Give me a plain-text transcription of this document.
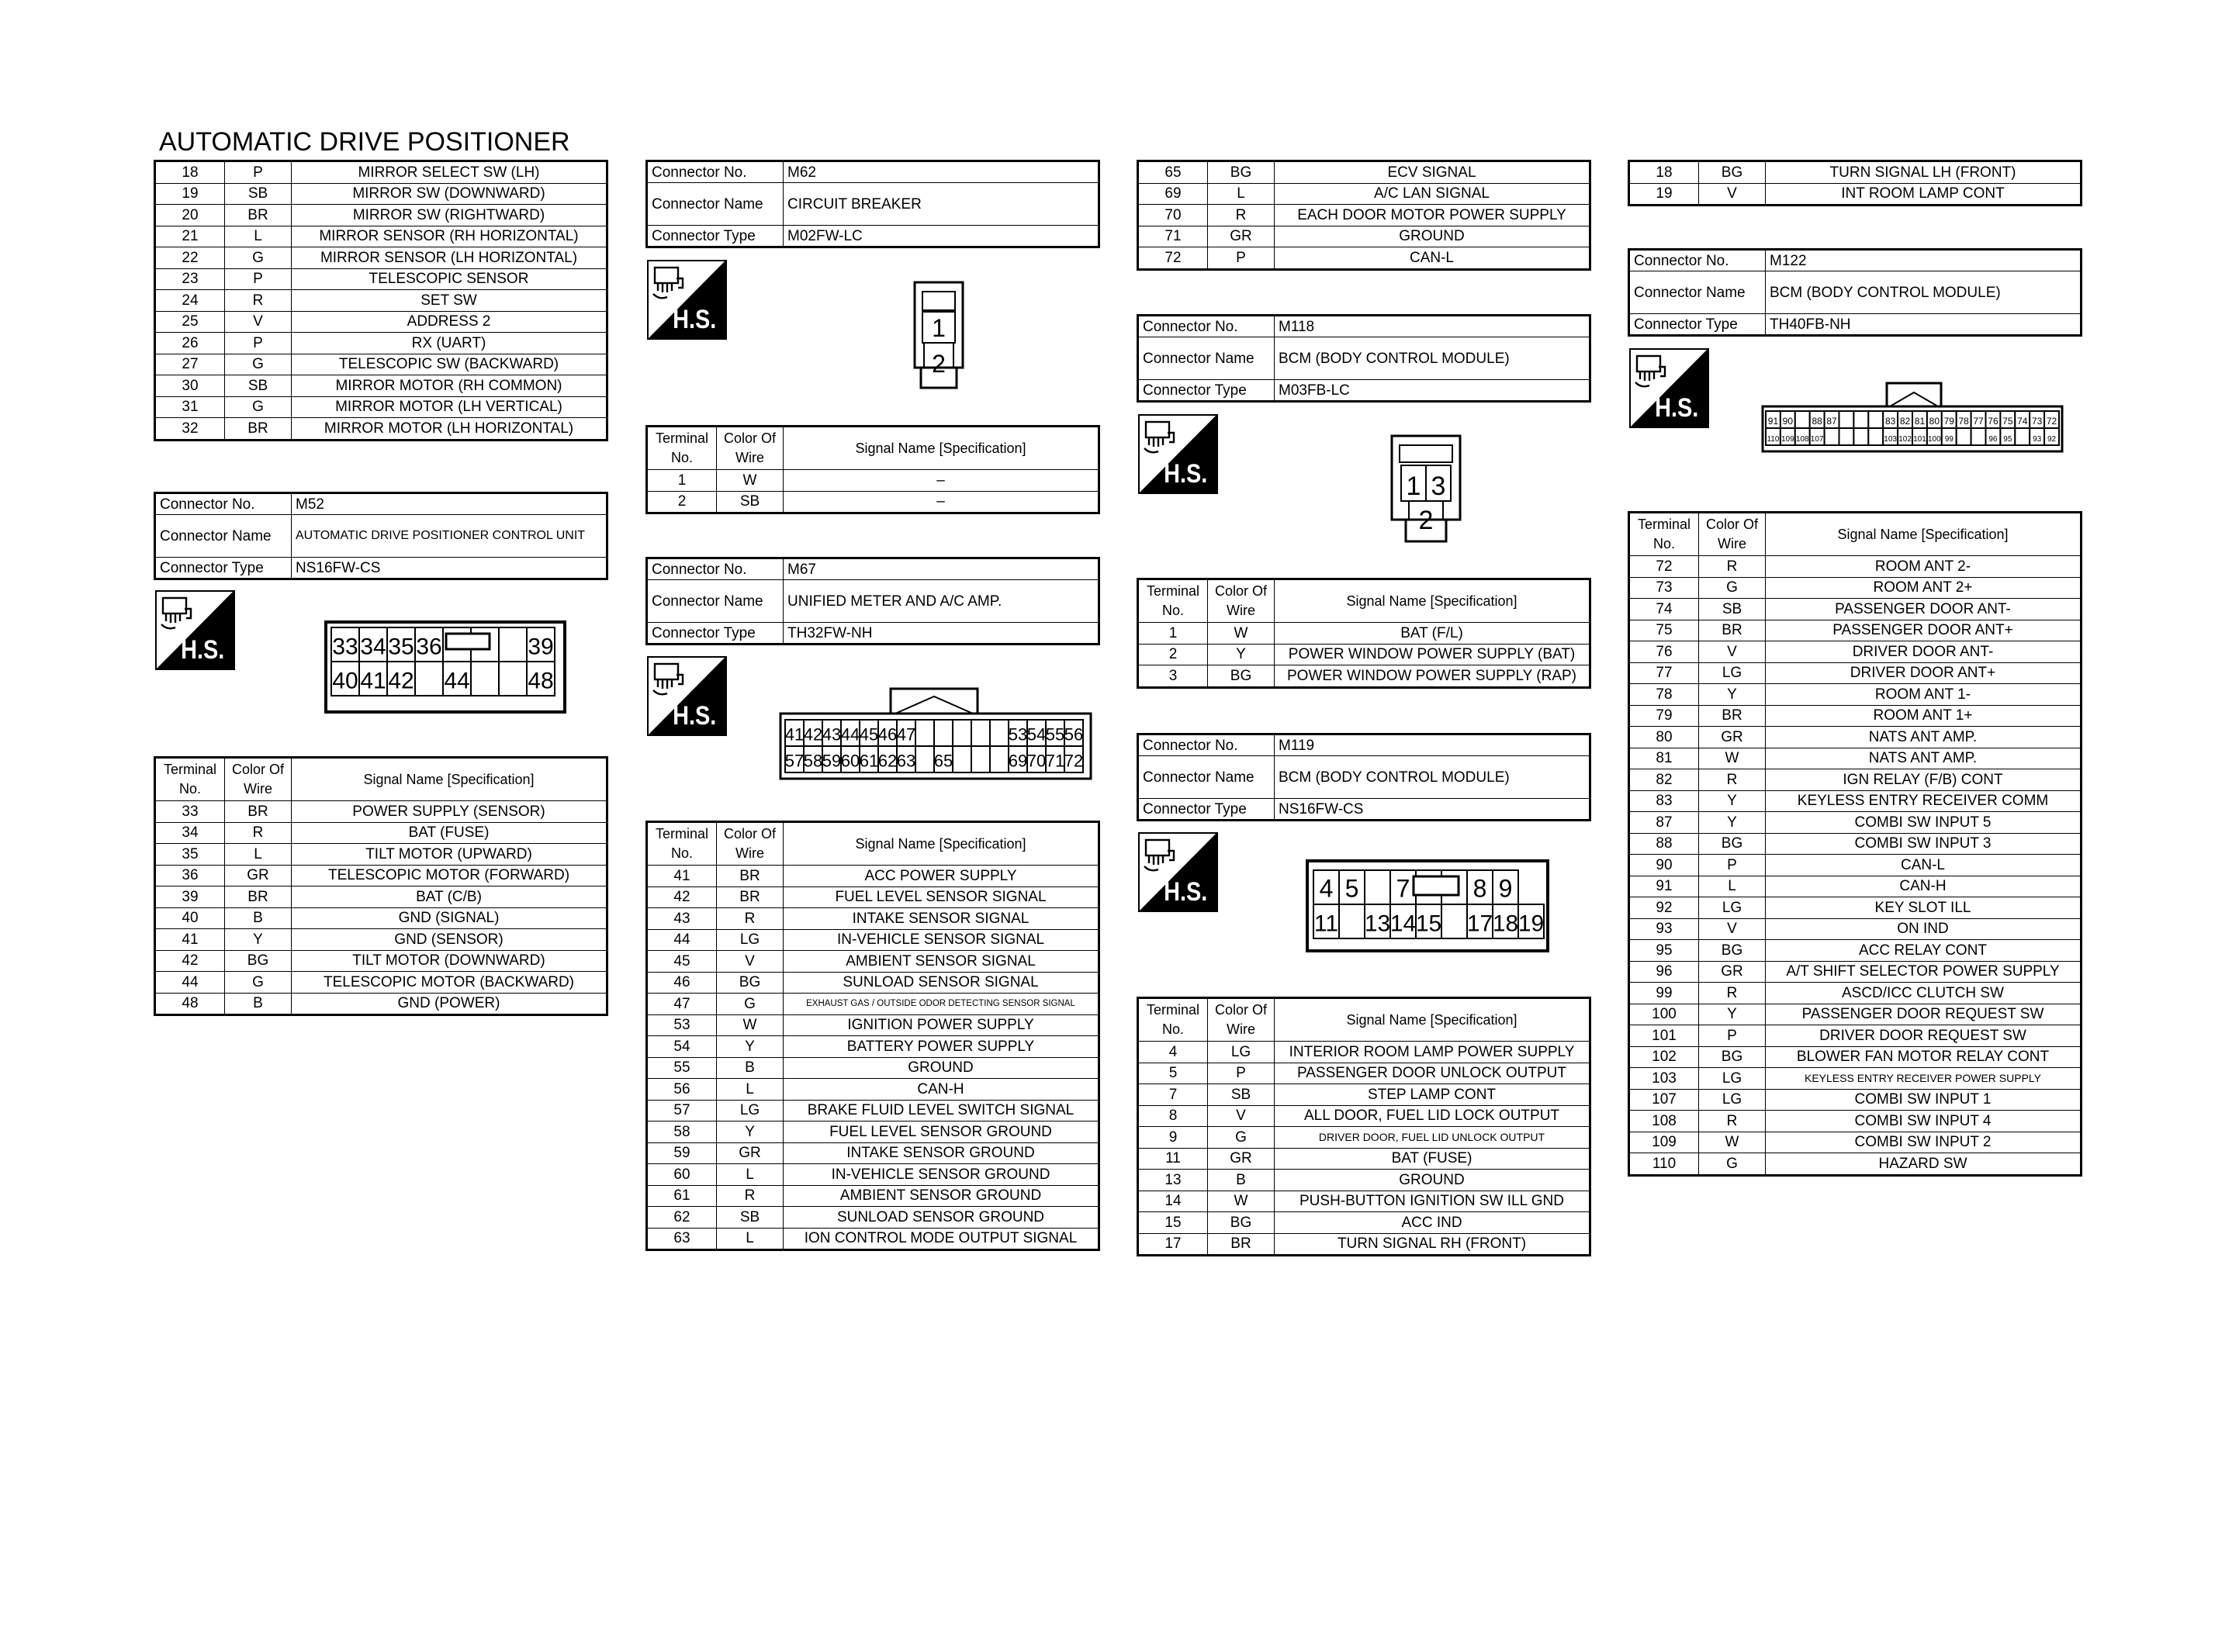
AUTOMATIC DRIVE POSITIONER
18	P	MIRROR SELECT SW (LH)
19	SB	MIRROR SW (DOWNWARD)
20	BR	MIRROR SW (RIGHTWARD)
21	L	MIRROR SENSOR (RH HORIZONTAL)
22	G	MIRROR SENSOR (LH HORIZONTAL)
23	P	TELESCOPIC SENSOR
24	R	SET SW
25	V	ADDRESS 2
26	P	RX (UART)
27	G	TELESCOPIC SW (BACKWARD)
30	SB	MIRROR MOTOR (RH COMMON)
31	G	MIRROR MOTOR (LH VERTICAL)
32	BR	MIRROR MOTOR (LH HORIZONTAL)
Connector No.	M52
Connector Name	AUTOMATIC DRIVE POSITIONER CONTROL UNIT
Connector Type	NS16FW-CS
H.S.	33 34 35 36	39
40 41 42 44 48
Terminal No.	Color Of Wire	Signal Name [Specification]
33	BR	POWER SUPPLY (SENSOR)
34	R	BAT (FUSE)
35	L	TILT MOTOR (UPWARD)
36	GR	TELESCOPIC MOTOR (FORWARD)
39	BR	BAT (C/B)
40	B	GND (SIGNAL)
41	Y	GND (SENSOR)
42	BG	TILT MOTOR (DOWNWARD)
44	G	TELESCOPIC MOTOR (BACKWARD)
48	B	GND (POWER)
Connector No.	M62
Connector Name	CIRCUIT BREAKER
Connector Type	M02FW-LC
H.S.	1
2
Terminal No.	Color Of Wire	Signal Name [Specification]
1	W	–
2	SB	–
Connector No.	M67
Connector Name	UNIFIED METER AND A/C AMP.
Connector Type	TH32FW-NH
H.S.
41 42 43 44 45 46 47	53 54 55 56
57 58 59 60 61 62 63 65	69 70 71 72
Terminal No.	Color Of Wire	Signal Name [Specification]
41	BR	ACC POWER SUPPLY
42	BR	FUEL LEVEL SENSOR SIGNAL
43	R	INTAKE SENSOR SIGNAL
44	LG	IN-VEHICLE SENSOR SIGNAL
45	V	AMBIENT SENSOR SIGNAL
46	BG	SUNLOAD SENSOR SIGNAL
47	G	EXHAUST GAS / OUTSIDE ODOR DETECTING SENSOR SIGNAL
53	W	IGNITION POWER SUPPLY
54	Y	BATTERY POWER SUPPLY
55	B	GROUND
56	L	CAN-H
57	LG	BRAKE FLUID LEVEL SWITCH SIGNAL
58	Y	FUEL LEVEL SENSOR GROUND
59	GR	INTAKE SENSOR GROUND
60	L	IN-VEHICLE SENSOR GROUND
61	R	AMBIENT SENSOR GROUND
62	SB	SUNLOAD SENSOR GROUND
63	L	ION CONTROL MODE OUTPUT SIGNAL
65	BG	ECV SIGNAL
69	L	A/C LAN SIGNAL
70	R	EACH DOOR MOTOR POWER SUPPLY
71	GR	GROUND
72	P	CAN-L
Connector No.	M118
Connector Name	BCM (BODY CONTROL MODULE)
Connector Type	M03FB-LC
H.S.	1 3
2
Terminal No.	Color Of Wire	Signal Name [Specification]
1	W	BAT (F/L)
2	Y	POWER WINDOW POWER SUPPLY (BAT)
3	BG	POWER WINDOW POWER SUPPLY (RAP)
Connector No.	M119
Connector Name	BCM (BODY CONTROL MODULE)
Connector Type	NS16FW-CS
H.S.	4 5 7	8 9
11 13 14 15 17 18 19
Terminal No.	Color Of Wire	Signal Name [Specification]
4	LG	INTERIOR ROOM LAMP POWER SUPPLY
5	P	PASSENGER DOOR UNLOCK OUTPUT
7	SB	STEP LAMP CONT
8	V	ALL DOOR, FUEL LID LOCK OUTPUT
9	G	DRIVER DOOR, FUEL LID UNLOCK OUTPUT
11	GR	BAT (FUSE)
13	B	GROUND
14	W	PUSH-BUTTON IGNITION SW ILL GND
15	BG	ACC IND
17	BR	TURN SIGNAL RH (FRONT)
18	BG	TURN SIGNAL LH (FRONT)
19	V	INT ROOM LAMP CONT
Connector No.	M122
Connector Name	BCM (BODY CONTROL MODULE)
Connector Type	TH40FB-NH
H.S.	91 90 88 87	83 82 81 80 79 78 77 76 75 74 73 72
110 109 108 107	103 102 101 100 99	96 95	93 92
Terminal No.	Color Of Wire	Signal Name [Specification]
72	R	ROOM ANT 2-
73	G	ROOM ANT 2+
74	SB	PASSENGER DOOR ANT-
75	BR	PASSENGER DOOR ANT+
76	V	DRIVER DOOR ANT-
77	LG	DRIVER DOOR ANT+
78	Y	ROOM ANT 1-
79	BR	ROOM ANT 1+
80	GR	NATS ANT AMP.
81	W	NATS ANT AMP.
82	R	IGN RELAY (F/B) CONT
83	Y	KEYLESS ENTRY RECEIVER COMM
87	Y	COMBI SW INPUT 5
88	BG	COMBI SW INPUT 3
90	P	CAN-L
91	L	CAN-H
92	LG	KEY SLOT ILL
93	V	ON IND
95	BG	ACC RELAY CONT
96	GR	A/T SHIFT SELECTOR POWER SUPPLY
99	R	ASCD/ICC CLUTCH SW
100	Y	PASSENGER DOOR REQUEST SW
101	P	DRIVER DOOR REQUEST SW
102	BG	BLOWER FAN MOTOR RELAY CONT
103	LG	KEYLESS ENTRY RECEIVER POWER SUPPLY
107	LG	COMBI SW INPUT 1
108	R	COMBI SW INPUT 4
109	W	COMBI SW INPUT 2
110	G	HAZARD SW
